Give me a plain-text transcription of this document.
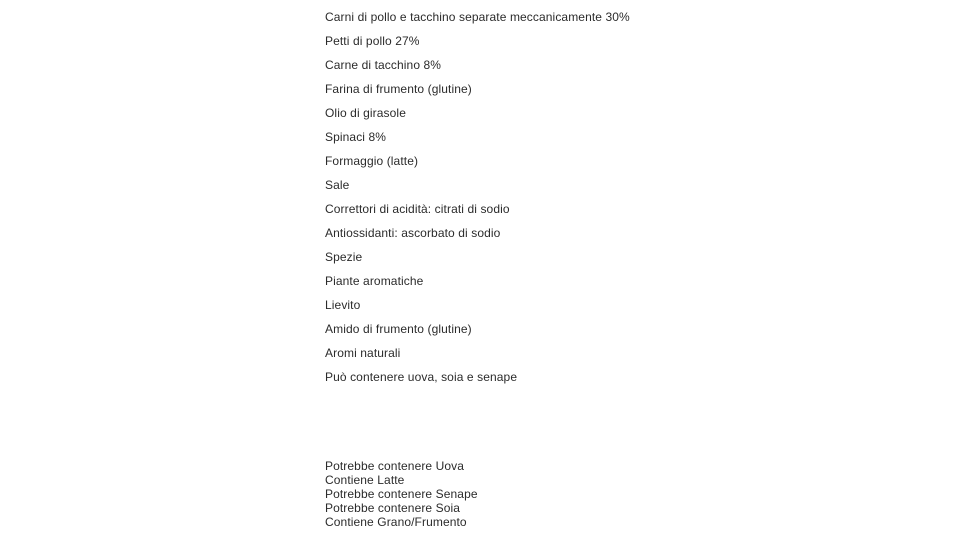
Carni di pollo e tacchino separate meccanicamente 30%
Petti di pollo 27%
Carne di tacchino 8%
Farina di frumento (glutine)
Olio di girasole
Spinaci 8%
Formaggio (latte)
Sale
Correttori di acidità: citrati di sodio
Antiossidanti: ascorbato di sodio
Spezie
Piante aromatiche
Lievito
Amido di frumento (glutine)
Aromi naturali
Può contenere uova, soia e senape
Potrebbe contenere Uova
Contiene Latte
Potrebbe contenere Senape
Potrebbe contenere Soia
Contiene Grano/Frumento
